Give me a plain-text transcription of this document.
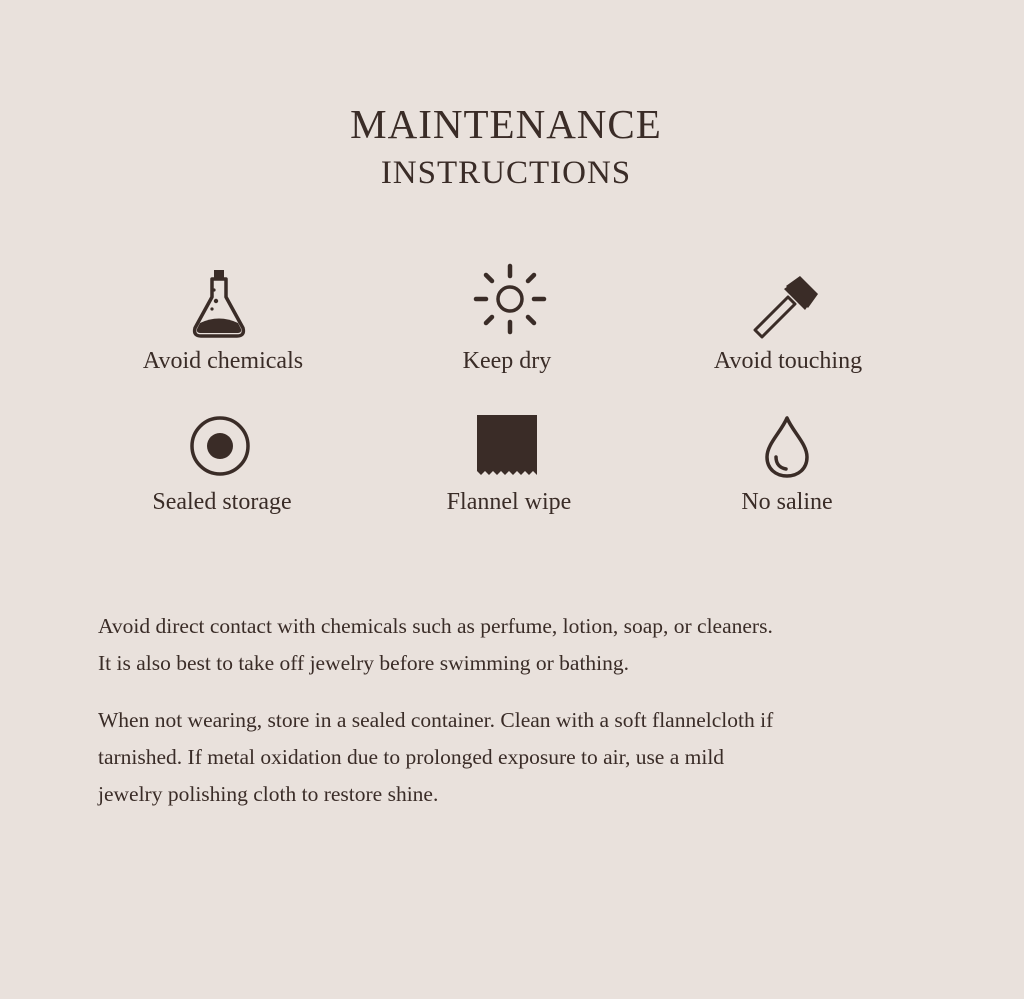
MAINTENANCE
INSTRUCTIONS
Avoid chemicals	Keep dry	Avoid touching
Sealed storage	Flannel wipe	No saline

Avoid direct contact with chemicals such as perfume, lotion, soap, or cleaners.
It is also best to take off jewelry before swimming or bathing.

When not wearing, store in a sealed container. Clean with a soft flannelcloth if
tarnished. If metal oxidation due to prolonged exposure to air, use a mild
jewelry polishing cloth to restore shine.
